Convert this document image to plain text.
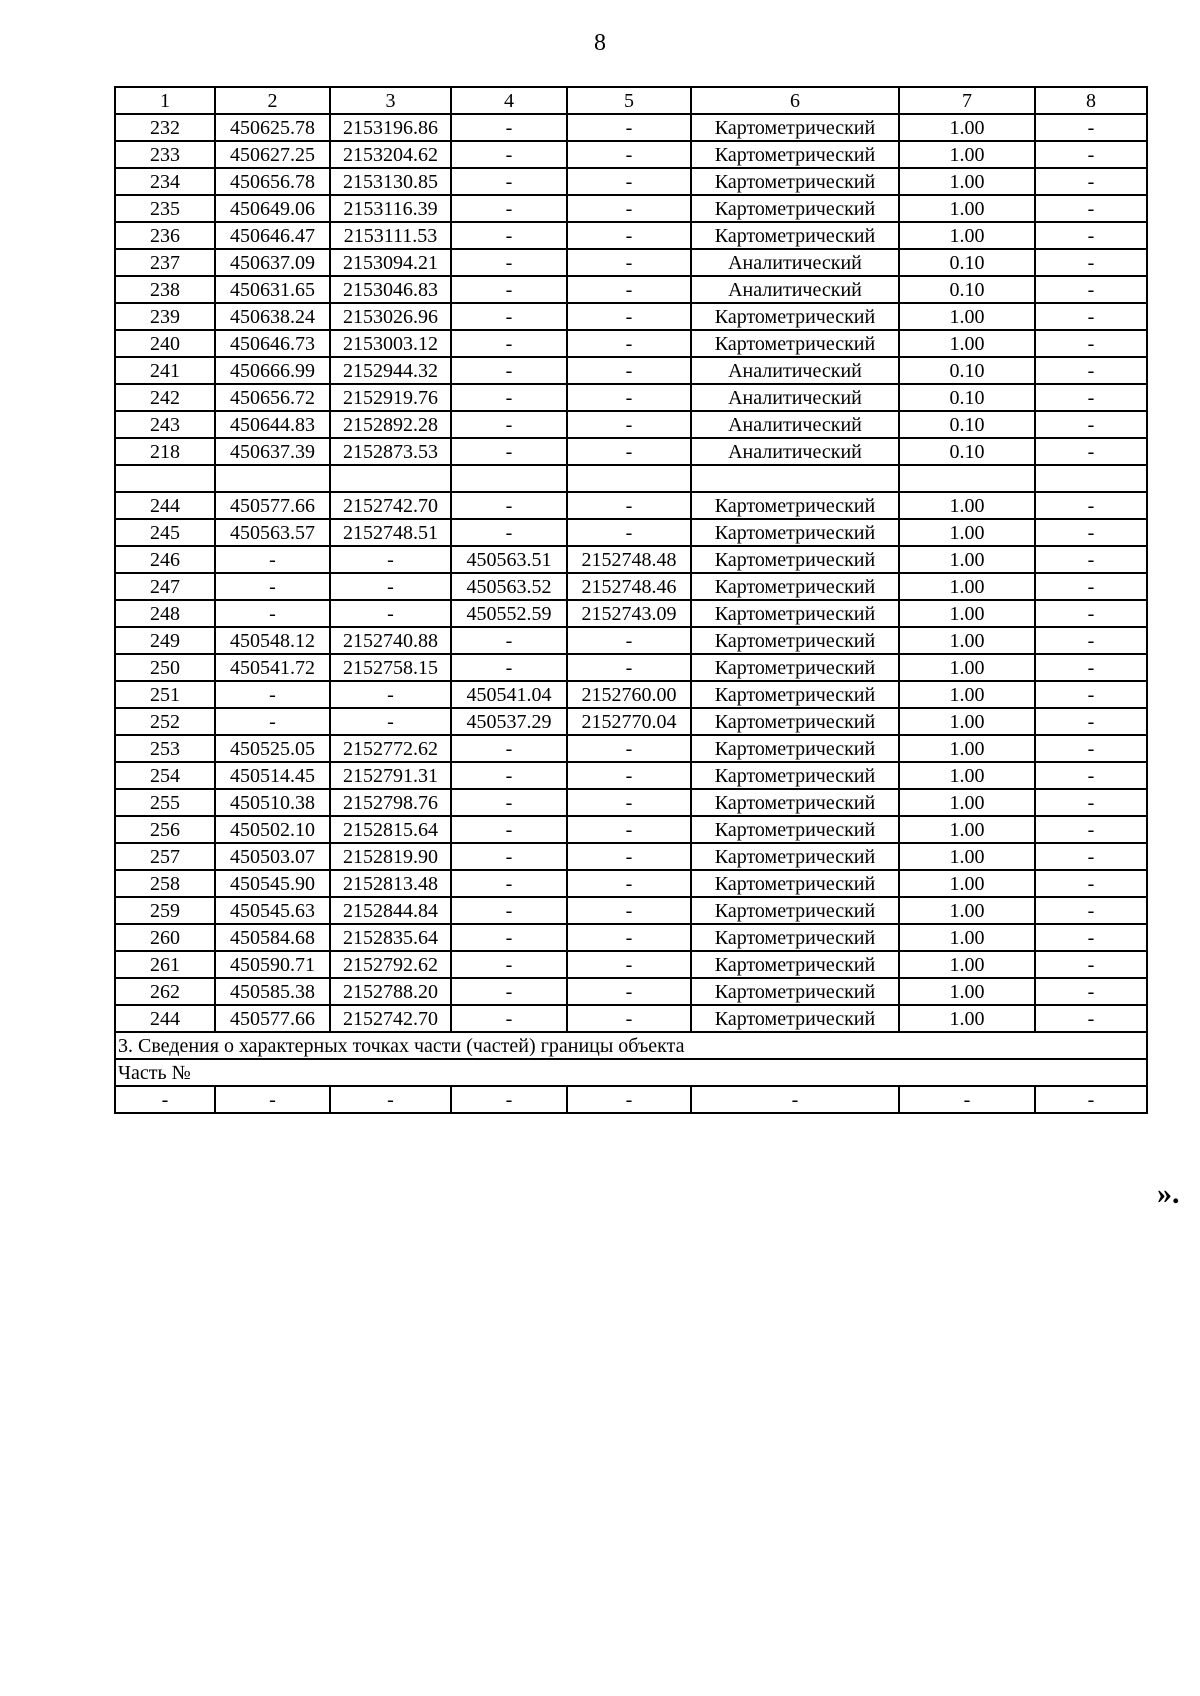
8
1	2	3	4	5	6	7	8
232	450625.78	2153196.86	-	-	Картометрический	1.00	-
233	450627.25	2153204.62	-	-	Картометрический	1.00	-
234	450656.78	2153130.85	-	-	Картометрический	1.00	-
235	450649.06	2153116.39	-	-	Картометрический	1.00	-
236	450646.47	2153111.53	-	-	Картометрический	1.00	-
237	450637.09	2153094.21	-	-	Аналитический	0.10	-
238	450631.65	2153046.83	-	-	Аналитический	0.10	-
239	450638.24	2153026.96	-	-	Картометрический	1.00	-
240	450646.73	2153003.12	-	-	Картометрический	1.00	-
241	450666.99	2152944.32	-	-	Аналитический	0.10	-
242	450656.72	2152919.76	-	-	Аналитический	0.10	-
243	450644.83	2152892.28	-	-	Аналитический	0.10	-
218	450637.39	2152873.53	-	-	Аналитический	0.10	-

244	450577.66	2152742.70	-	-	Картометрический	1.00	-
245	450563.57	2152748.51	-	-	Картометрический	1.00	-
246	-	-	450563.51	2152748.48	Картометрический	1.00	-
247	-	-	450563.52	2152748.46	Картометрический	1.00	-
248	-	-	450552.59	2152743.09	Картометрический	1.00	-
249	450548.12	2152740.88	-	-	Картометрический	1.00	-
250	450541.72	2152758.15	-	-	Картометрический	1.00	-
251	-	-	450541.04	2152760.00	Картометрический	1.00	-
252	-	-	450537.29	2152770.04	Картометрический	1.00	-
253	450525.05	2152772.62	-	-	Картометрический	1.00	-
254	450514.45	2152791.31	-	-	Картометрический	1.00	-
255	450510.38	2152798.76	-	-	Картометрический	1.00	-
256	450502.10	2152815.64	-	-	Картометрический	1.00	-
257	450503.07	2152819.90	-	-	Картометрический	1.00	-
258	450545.90	2152813.48	-	-	Картометрический	1.00	-
259	450545.63	2152844.84	-	-	Картометрический	1.00	-
260	450584.68	2152835.64	-	-	Картометрический	1.00	-
261	450590.71	2152792.62	-	-	Картометрический	1.00	-
262	450585.38	2152788.20	-	-	Картометрический	1.00	-
244	450577.66	2152742.70	-	-	Картометрический	1.00	-
3. Сведения о характерных точках части (частей) границы объекта							
Часть №							
-	-	-	-	-	-	-	-
».
